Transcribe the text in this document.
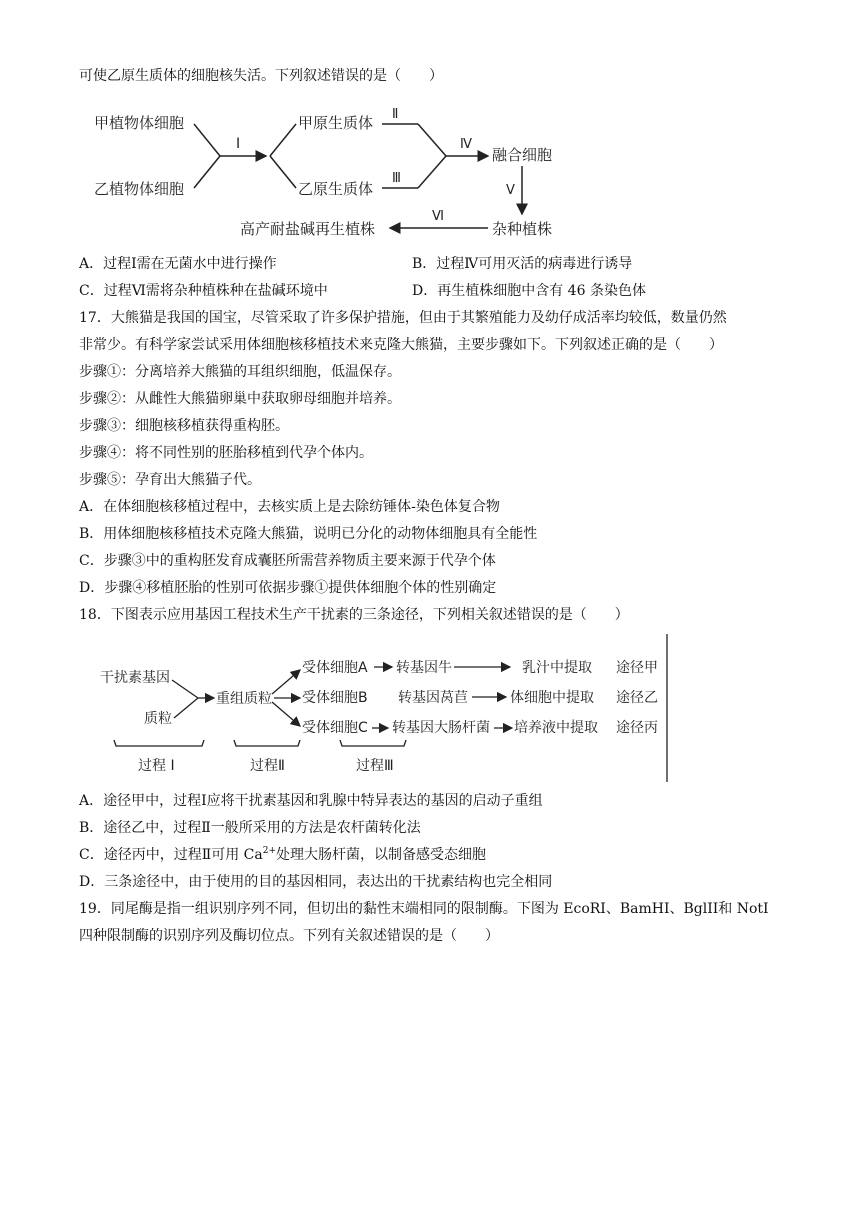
可使乙原生质体的细胞核失活。下列叙述错误的是（　　）
甲植物体细胞
乙植物体细胞
Ⅰ
甲原生质体
乙原生质体
Ⅱ
Ⅲ
Ⅳ
融合细胞
Ⅴ
杂种植株
Ⅵ
高产耐盐碱再生植株
A．过程Ⅰ需在无菌水中进行操作	B．过程Ⅳ可用灭活的病毒进行诱导
C．过程Ⅵ需将杂种植株种在盐碱环境中	D．再生植株细胞中含有 46 条染色体
17．大熊猫是我国的国宝，尽管采取了许多保护措施，但由于其繁殖能力及幼仔成活率均较低，数量仍然
非常少。有科学家尝试采用体细胞核移植技术来克隆大熊猫，主要步骤如下。下列叙述正确的是（　　）
步骤①：分离培养大熊猫的耳组织细胞，低温保存。
步骤②：从雌性大熊猫卵巢中获取卵母细胞并培养。
步骤③：细胞核移植获得重构胚。
步骤④：将不同性别的胚胎移植到代孕个体内。
步骤⑤：孕育出大熊猫子代。
A．在体细胞核移植过程中，去核实质上是去除纺锤体-染色体复合物
B．用体细胞核移植技术克隆大熊猫，说明已分化的动物体细胞具有全能性
C．步骤③中的重构胚发育成囊胚所需营养物质主要来源于代孕个体
D．步骤④移植胚胎的性别可依据步骤①提供体细胞个体的性别确定
18．下图表示应用基因工程技术生产干扰素的三条途径，下列相关叙述错误的是（　　）
干扰素基因
质粒
重组质粒
受体细胞A
受体细胞B
受体细胞C
转基因牛
转基因莴苣
转基因大肠杆菌
乳汁中提取
体细胞中提取
培养液中提取
途径甲
途径乙
途径丙
过程 I	过程Ⅱ	过程Ⅲ
A．途径甲中，过程Ⅰ应将干扰素基因和乳腺中特异表达的基因的启动子重组
B．途径乙中，过程Ⅱ一般所采用的方法是农杆菌转化法
C．途径丙中，过程Ⅱ可用 $Ca^{2+}$处理大肠杆菌，以制备感受态细胞
D．三条途径中，由于使用的目的基因相同，表达出的干扰素结构也完全相同
19．同尾酶是指一组识别序列不同，但切出的黏性末端相同的限制酶。下图为 EcoRI、BamHI、BglII和 NotI
四种限制酶的识别序列及酶切位点。下列有关叙述错误的是（　　）
